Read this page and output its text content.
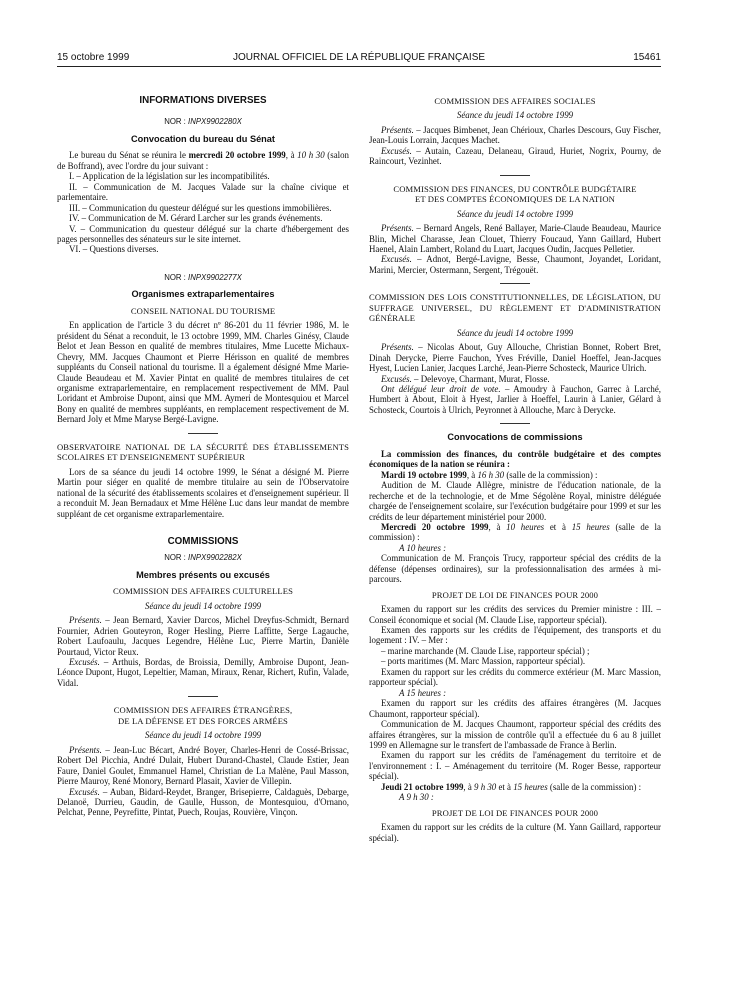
15 octobre 1999	JOURNAL OFFICIEL DE LA RÉPUBLIQUE FRANÇAISE	15461
INFORMATIONS DIVERSES
NOR : INPX9902280X
Convocation du bureau du Sénat

Le bureau du Sénat se réunira le mercredi 20 octobre 1999, à 10 h 30 (salon de Boffrand), avec l'ordre du jour suivant :

I. – Application de la législation sur les incompatibilités.

II. – Communication de M. Jacques Valade sur la chaîne civique et parlementaire.

III. – Communication du questeur délégué sur les questions immobilières.

IV. – Communication de M. Gérard Larcher sur les grands événements.

V. – Communication du questeur délégué sur la charte d'hébergement des pages personnelles des sénateurs sur le site internet.

VI. – Questions diverses.

NOR : INPX9902277X
Organismes extraparlementaires
CONSEIL NATIONAL DU TOURISME

En application de l'article 3 du décret nº 86-201 du 11 février 1986, M. le président du Sénat a reconduit, le 13 octobre 1999, MM. Charles Ginésy, Claude Belot et Jean Besson en qualité de membres titulaires, Mme Lucette Michaux-Chevry, MM. Jacques Chaumont et Pierre Hérisson en qualité de membres suppléants du Conseil national du tourisme. Il a également désigné Mme Marie-Claude Beaudeau et M. Xavier Pintat en qualité de membres titulaires de cet organisme extraparlementaire, en remplacement respectivement de MM. Paul Loridant et Ambroise Dupont, ainsi que MM. Aymeri de Montesquiou et Marcel Bony en qualité de membres suppléants, en remplacement respectivement de M. Bernard Joly et Mme Maryse Bergé-Lavigne.

OBSERVATOIRE NATIONAL DE LA SÉCURITÉ DES ÉTABLISSEMENTS SCOLAIRES ET D'ENSEIGNEMENT SUPÉRIEUR

Lors de sa séance du jeudi 14 octobre 1999, le Sénat a désigné M. Pierre Martin pour siéger en qualité de membre titulaire au sein de l'Observatoire national de la sécurité des établissements scolaires et d'enseignement supérieur. Il a reconduit M. Jean Bernadaux et Mme Hélène Luc dans leur mandat de membre suppléant de cet organisme extraparlementaire.

COMMISSIONS
NOR : INPX9902282X
Membres présents ou excusés
COMMISSION DES AFFAIRES CULTURELLES
Séance du jeudi 14 octobre 1999

Présents. – Jean Bernard, Xavier Darcos, Michel Dreyfus-Schmidt, Bernard Fournier, Adrien Gouteyron, Roger Hesling, Pierre Laffitte, Serge Lagauche, Robert Laufoaulu, Jacques Legendre, Hélène Luc, Pierre Martin, Danièle Pourtaud, Victor Reux.

Excusés. – Arthuis, Bordas, de Broissia, Demilly, Ambroise Dupont, Jean-Léonce Dupont, Hugot, Lepeltier, Maman, Miraux, Renar, Richert, Rufin, Valade, Vidal.

COMMISSION DES AFFAIRES ÉTRANGÈRES,
DE LA DÉFENSE ET DES FORCES ARMÉES
Séance du jeudi 14 octobre 1999

Présents. – Jean-Luc Bécart, André Boyer, Charles-Henri de Cossé-Brissac, Robert Del Picchia, André Dulait, Hubert Durand-Chastel, Claude Estier, Jean Faure, Daniel Goulet, Emmanuel Hamel, Christian de La Malène, Paul Masson, Pierre Mauroy, René Monory, Bernard Plasait, Xavier de Villepin.

Excusés. – Auban, Bidard-Reydet, Branger, Brisepierre, Caldaguès, Debarge, Delanoë, Durrieu, Gaudin, de Gaulle, Husson, de Montesquiou, d'Ornano, Pelchat, Penne, Peyrefitte, Pintat, Puech, Roujas, Rouvière, Vinçon.

COMMISSION DES AFFAIRES SOCIALES
Séance du jeudi 14 octobre 1999

Présents. – Jacques Bimbenet, Jean Chérioux, Charles Descours, Guy Fischer, Jean-Louis Lorrain, Jacques Machet.

Excusés. – Autain, Cazeau, Delaneau, Giraud, Huriet, Nogrix, Pourny, de Raincourt, Vezinhet.

COMMISSION DES FINANCES, DU CONTRÔLE BUDGÉTAIRE
ET DES COMPTES ÉCONOMIQUES DE LA NATION
Séance du jeudi 14 octobre 1999

Présents. – Bernard Angels, René Ballayer, Marie-Claude Beaudeau, Maurice Blin, Michel Charasse, Jean Clouet, Thierry Foucaud, Yann Gaillard, Hubert Haenel, Alain Lambert, Roland du Luart, Jacques Oudin, Jacques Pelletier.

Excusés. – Adnot, Bergé-Lavigne, Besse, Chaumont, Joyandet, Loridant, Marini, Mercier, Ostermann, Sergent, Trégouët.

COMMISSION DES LOIS CONSTITUTIONNELLES, DE LÉGISLATION, DU SUFFRAGE UNIVERSEL, DU RÈGLEMENT ET D'ADMINISTRATION GÉNÉRALE
Séance du jeudi 14 octobre 1999

Présents. – Nicolas About, Guy Allouche, Christian Bonnet, Robert Bret, Dinah Derycke, Pierre Fauchon, Yves Fréville, Daniel Hoeffel, Jean-Jacques Hyest, Lucien Lanier, Jacques Larché, Jean-Pierre Schosteck, Maurice Ulrich.

Excusés. – Delevoye, Charmant, Murat, Flosse.

Ont délégué leur droit de vote. – Amoudry à Fauchon, Garrec à Larché, Humbert à About, Eloit à Hyest, Jarlier à Hoeffel, Laurin à Lanier, Gélard à Schosteck, Courtois à Ulrich, Peyronnet à Allouche, Marc à Derycke.

Convocations de commissions

La commission des finances, du contrôle budgétaire et des comptes économiques de la nation se réunira :

Mardi 19 octobre 1999, à 16 h 30 (salle de la commission) :

Audition de M. Claude Allègre, ministre de l'éducation nationale, de la recherche et de la technologie, et de Mme Ségolène Royal, ministre déléguée chargée de l'enseignement scolaire, sur l'exécution budgétaire pour 1999 et sur les crédits de leur département ministériel pour 2000.

Mercredi 20 octobre 1999, à 10 heures et à 15 heures (salle de la commission) :

A 10 heures :

Communication de M. François Trucy, rapporteur spécial des crédits de la défense (dépenses ordinaires), sur la professionnalisation des armées à mi-parcours.

PROJET DE LOI DE FINANCES POUR 2000

Examen du rapport sur les crédits des services du Premier ministre : III. – Conseil économique et social (M. Claude Lise, rapporteur spécial).

Examen des rapports sur les crédits de l'équipement, des transports et du logement : IV. – Mer :

– marine marchande (M. Claude Lise, rapporteur spécial) ;

– ports maritimes (M. Marc Massion, rapporteur spécial).

Examen du rapport sur les crédits du commerce extérieur (M. Marc Massion, rapporteur spécial).

A 15 heures :

Examen du rapport sur les crédits des affaires étrangères (M. Jacques Chaumont, rapporteur spécial).

Communication de M. Jacques Chaumont, rapporteur spécial des crédits des affaires étrangères, sur la mission de contrôle qu'il a effectuée du 6 au 8 juillet 1999 en Allemagne sur le transfert de l'ambassade de France à Berlin.

Examen du rapport sur les crédits de l'aménagement du territoire et de l'environnement : I. – Aménagement du territoire (M. Roger Besse, rapporteur spécial).

Jeudi 21 octobre 1999, à 9 h 30 et à 15 heures (salle de la commission) :

A 9 h 30 :

PROJET DE LOI DE FINANCES POUR 2000

Examen du rapport sur les crédits de la culture (M. Yann Gaillard, rapporteur spécial).
